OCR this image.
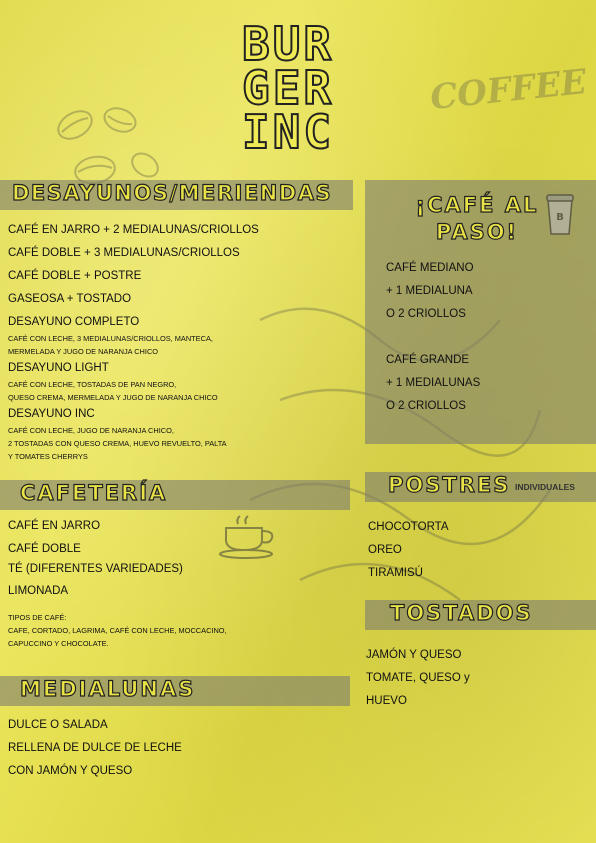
COFFEE
BUR
GER
INC
DESAYUNOS/MERIENDAS
CAFÉ EN JARRO + 2 MEDIALUNAS/CRIOLLOS
CAFÉ DOBLE + 3 MEDIALUNAS/CRIOLLOS
CAFÉ DOBLE + POSTRE
GASEOSA + TOSTADO
DESAYUNO COMPLETO
CAFÉ CON LECHE, 3 MEDIALUNAS/CRIOLLOS, MANTECA,
MERMELADA Y JUGO DE NARANJA CHICO
DESAYUNO LIGHT
CAFÉ CON LECHE, TOSTADAS DE PAN NEGRO,
QUESO CREMA, MERMELADA Y JUGO DE NARANJA CHICO
DESAYUNO INC
CAFÉ CON LECHE, JUGO DE NARANJA CHICO,
2 TOSTADAS CON QUESO CREMA, HUEVO REVUELTO, PALTA
Y TOMATES CHERRYS
CAFETERÍA
CAFÉ EN JARRO
CAFÉ DOBLE
TÉ (DIFERENTES VARIEDADES)
LIMONADA
TIPOS DE CAFÉ:
CAFE, CORTADO, LAGRIMA, CAFÉ CON LECHE, MOCCACINO,
CAPUCCINO Y CHOCOLATE.
MEDIALUNAS
DULCE O SALADA
RELLENA DE DULCE DE LECHE
CON JAMÓN Y QUESO
¡CAFÉ AL
PASO!
B
CAFÉ MEDIANO
+ 1 MEDIALUNA
O 2 CRIOLLOS
CAFÉ GRANDE
+ 1 MEDIALUNAS
O 2 CRIOLLOS
POSTRES INDIVIDUALES
CHOCOTORTA
OREO
TIRAMISÚ
TOSTADOS
JAMÓN Y QUESO
TOMATE, QUESO y
HUEVO
